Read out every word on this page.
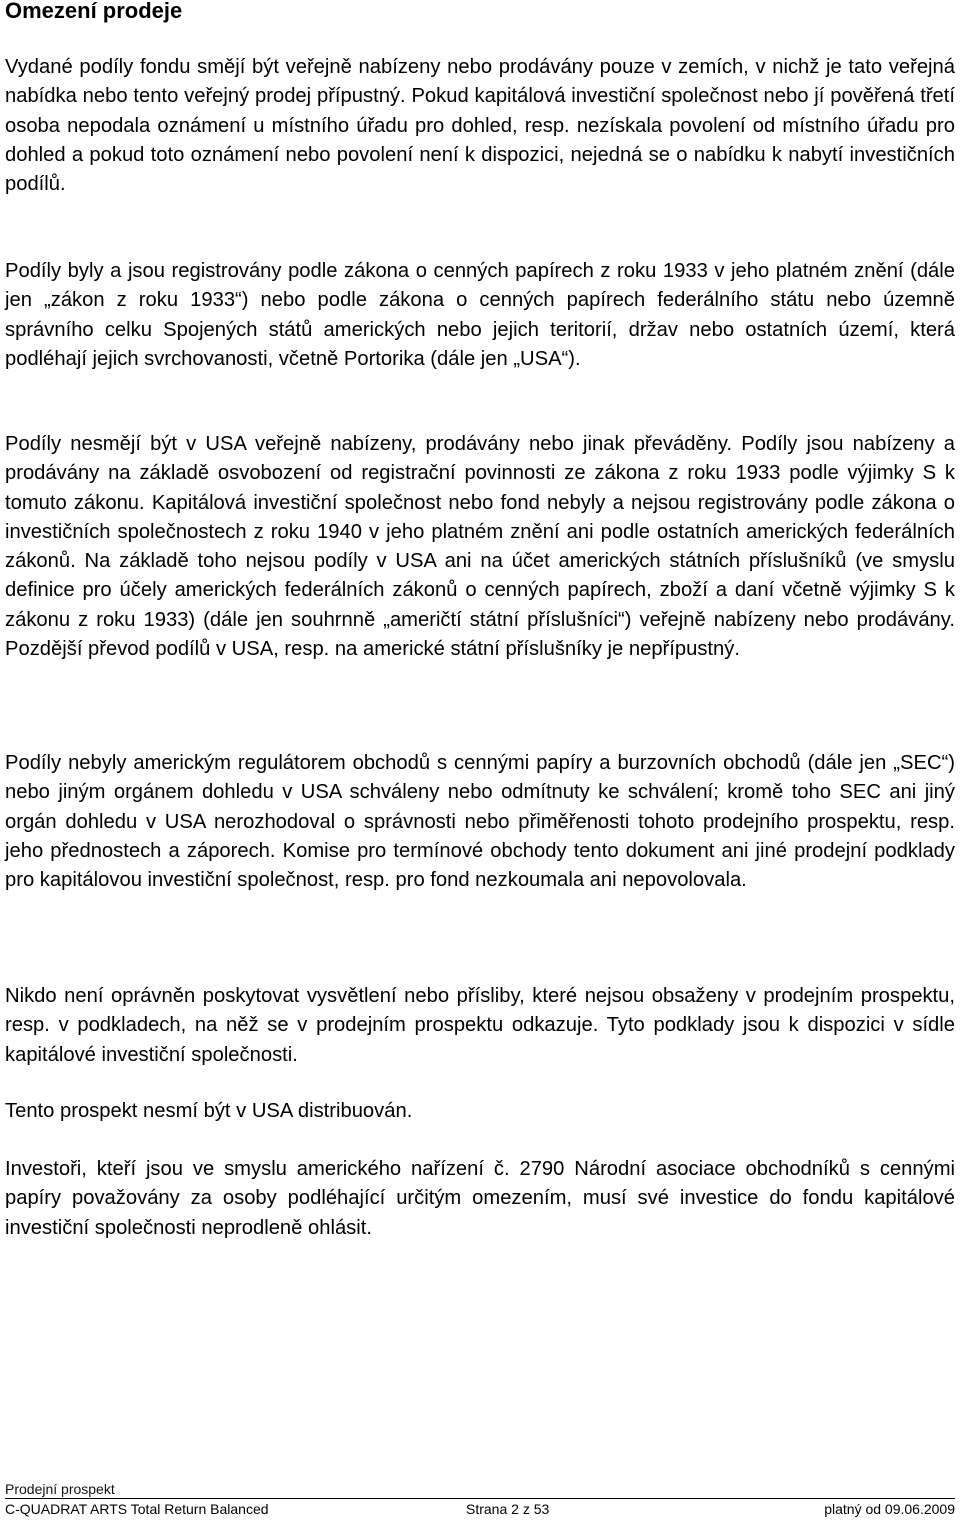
Omezení prodeje

Vydané podíly fondu smějí být veřejně nabízeny nebo prodávány pouze v zemích, v nichž je tato veřejná nabídka nebo tento veřejný prodej přípustný. Pokud kapitálová investiční společnost nebo jí pověřená třetí osoba nepodala oznámení u místního úřadu pro dohled, resp. nezískala povolení od místního úřadu pro dohled a pokud toto oznámení nebo povolení není k dispozici, nejedná se o nabídku k nabytí investičních podílů.

Podíly byly a jsou registrovány podle zákona o cenných papírech z roku 1933 v jeho platném znění (dále jen „zákon z roku 1933“) nebo podle zákona o cenných papírech federálního státu nebo územně správního celku Spojených států amerických nebo jejich teritorií, držav nebo ostatních území, která podléhají jejich svrchovanosti, včetně Portorika (dále jen „USA“).

Podíly nesmějí být v USA veřejně nabízeny, prodávány nebo jinak převáděny. Podíly jsou nabízeny a prodávány na základě osvobození od registrační povinnosti ze zákona z roku 1933 podle výjimky S k tomuto zákonu. Kapitálová investiční společnost nebo fond nebyly a nejsou registrovány podle zákona o investičních společnostech z roku 1940 v jeho platném znění ani podle ostatních amerických federálních zákonů. Na základě toho nejsou podíly v USA ani na účet amerických státních příslušníků (ve smyslu definice pro účely amerických federálních zákonů o cenných papírech, zboží a daní včetně výjimky S k zákonu z roku 1933) (dále jen souhrnně „američtí státní příslušníci“) veřejně nabízeny nebo prodávány. Pozdější převod podílů v USA, resp. na americké státní příslušníky je nepřípustný.

Podíly nebyly americkým regulátorem obchodů s cennými papíry a burzovních obchodů (dále jen „SEC“) nebo jiným orgánem dohledu v USA schváleny nebo odmítnuty ke schválení; kromě toho SEC ani jiný orgán dohledu v USA nerozhodoval o správnosti nebo přiměřenosti tohoto prodejního prospektu, resp. jeho přednostech a záporech. Komise pro termínové obchody tento dokument ani jiné prodejní podklady pro kapitálovou investiční společnost, resp. pro fond nezkoumala ani nepovolovala.

Nikdo není oprávněn poskytovat vysvětlení nebo přísliby, které nejsou obsaženy v prodejním prospektu, resp. v podkladech, na něž se v prodejním prospektu odkazuje. Tyto podklady jsou k dispozici v sídle kapitálové investiční společnosti.

Tento prospekt nesmí být v USA distribuován.

Investoři, kteří jsou ve smyslu amerického nařízení č. 2790 Národní asociace obchodníků s cennými papíry považovány za osoby podléhající určitým omezením, musí své investice do fondu kapitálové investiční společnosti neprodleně ohlásit.

Prodejní prospekt
C-QUADRAT ARTS Total Return Balanced	Strana 2 z 53	platný od 09.06.2009
